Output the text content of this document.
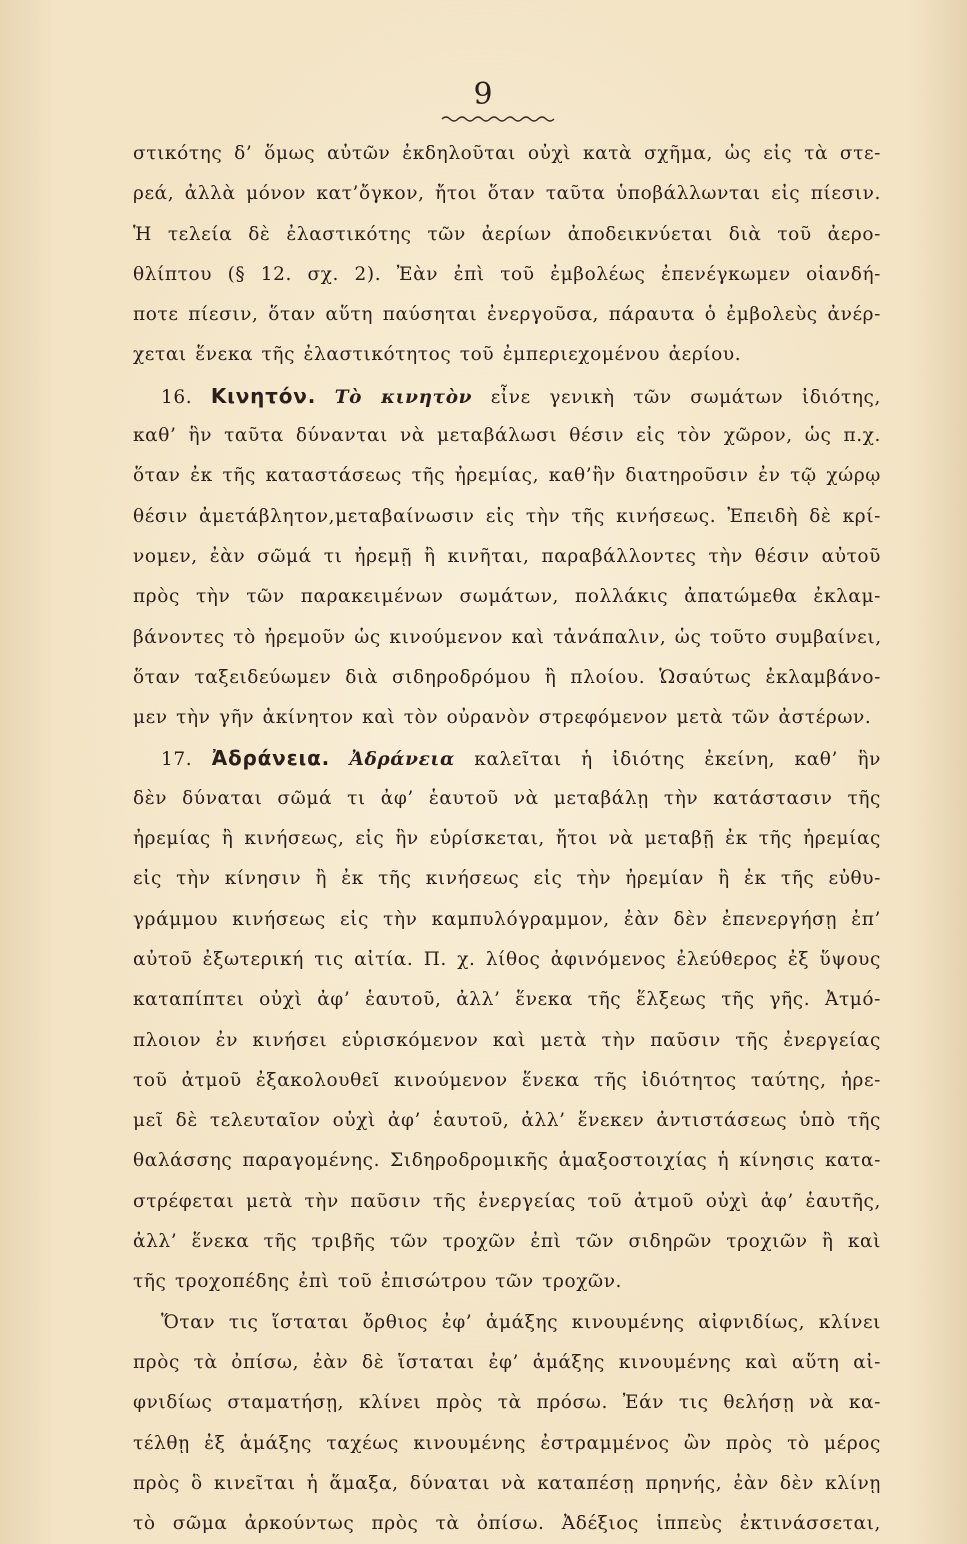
9
στικότης δ’ ὅμως αὐτῶν ἐκδηλοῦται οὐχὶ κατὰ σχῆμα, ὡς εἰς τὰ στε-
ρεά, ἀλλὰ μόνον κατ’ὄγκον, ἤτοι ὅταν ταῦτα ὑποβάλλωνται εἰς πίεσιν.
Ἡ τελεία δὲ ἐλαστικότης τῶν ἀερίων ἀποδεικνύεται διὰ τοῦ ἀερο-
θλίπτου (§ 12. σχ. 2). Ἐὰν ἐπὶ τοῦ ἐμβολέως ἐπενέγκωμεν οἱανδή-
ποτε πίεσιν, ὅταν αὕτη παύσηται ἐνεργοῦσα, πάραυτα ὁ ἐμβολεὺς ἀνέρ-
χεται ἕνεκα τῆς ἐλαστικότητος τοῦ ἐμπεριεχομένου ἀερίου.
16. Κινητόν. Τὸ κινητὸν εἶνε γενικὴ τῶν σωμάτων ἰδιότης,
καθ’ ἣν ταῦτα δύνανται νὰ μεταβάλωσι θέσιν εἰς τὸν χῶρον, ὡς π.χ.
ὅταν ἐκ τῆς καταστάσεως τῆς ἠρεμίας, καθ’ἣν διατηροῦσιν ἐν τῷ χώρῳ
θέσιν ἀμετάβλητον,μεταβαίνωσιν εἰς τὴν τῆς κινήσεως. Ἐπειδὴ δὲ κρί-
νομεν, ἐὰν σῶμά τι ἠρεμῇ ἢ κινῆται, παραβάλλοντες τὴν θέσιν αὐτοῦ
πρὸς τὴν τῶν παρακειμένων σωμάτων, πολλάκις ἀπατώμεθα ἐκλαμ-
βάνοντες τὸ ἠρεμοῦν ὡς κινούμενον καὶ τἀνάπαλιν, ὡς τοῦτο συμβαίνει,
ὅταν ταξειδεύωμεν διὰ σιδηροδρόμου ἢ πλοίου. Ὡσαύτως ἐκλαμβάνο-
μεν τὴν γῆν ἀκίνητον καὶ τὸν οὐρανὸν στρεφόμενον μετὰ τῶν ἀστέρων.
17. Ἀδράνεια. Ἀδράνεια καλεῖται ἡ ἰδιότης ἐκείνη, καθ’ ἣν
δὲν δύναται σῶμά τι ἀφ’ ἑαυτοῦ νὰ μεταβάλῃ τὴν κατάστασιν τῆς
ἠρεμίας ἢ κινήσεως, εἰς ἣν εὑρίσκεται, ἤτοι νὰ μεταβῇ ἐκ τῆς ἠρεμίας
εἰς τὴν κίνησιν ἢ ἐκ τῆς κινήσεως εἰς τὴν ἠρεμίαν ἢ ἐκ τῆς εὐθυ-
γράμμου κινήσεως εἰς τὴν καμπυλόγραμμον, ἐὰν δὲν ἐπενεργήσῃ ἐπ’
αὐτοῦ ἐξωτερική τις αἰτία. Π. χ. λίθος ἀφινόμενος ἐλεύθερος ἐξ ὕψους
καταπίπτει οὐχὶ ἀφ’ ἑαυτοῦ, ἀλλ’ ἕνεκα τῆς ἕλξεως τῆς γῆς. Ἀτμό-
πλοιον ἐν κινήσει εὑρισκόμενον καὶ μετὰ τὴν παῦσιν τῆς ἐνεργείας
τοῦ ἀτμοῦ ἐξακολουθεῖ κινούμενον ἕνεκα τῆς ἰδιότητος ταύτης, ἠρε-
μεῖ δὲ τελευταῖον οὐχὶ ἀφ’ ἑαυτοῦ, ἀλλ’ ἕνεκεν ἀντιστάσεως ὑπὸ τῆς
θαλάσσης παραγομένης. Σιδηροδρομικῆς ἁμαξοστοιχίας ἡ κίνησις κατα-
στρέφεται μετὰ τὴν παῦσιν τῆς ἐνεργείας τοῦ ἀτμοῦ οὐχὶ ἀφ’ ἑαυτῆς,
ἀλλ’ ἕνεκα τῆς τριβῆς τῶν τροχῶν ἐπὶ τῶν σιδηρῶν τροχιῶν ἢ καὶ
τῆς τροχοπέδης ἐπὶ τοῦ ἐπισώτρου τῶν τροχῶν.
Ὅταν τις ἵσταται ὄρθιος ἐφ’ ἁμάξης κινουμένης αἰφνιδίως, κλίνει
πρὸς τὰ ὀπίσω, ἐὰν δὲ ἵσταται ἐφ’ ἁμάξης κινουμένης καὶ αὕτη αἰ-
φνιδίως σταματήσῃ, κλίνει πρὸς τὰ πρόσω. Ἐάν τις θελήσῃ νὰ κα-
τέλθῃ ἐξ ἁμάξης ταχέως κινουμένης ἐστραμμένος ὢν πρὸς τὸ μέρος
πρὸς ὃ κινεῖται ἡ ἅμαξα, δύναται νὰ καταπέσῃ πρηνής, ἐὰν δὲν κλίνῃ
τὸ σῶμα ἀρκούντως πρὸς τὰ ὀπίσω. Ἀδέξιος ἱππεὺς ἐκτινάσσεται,
